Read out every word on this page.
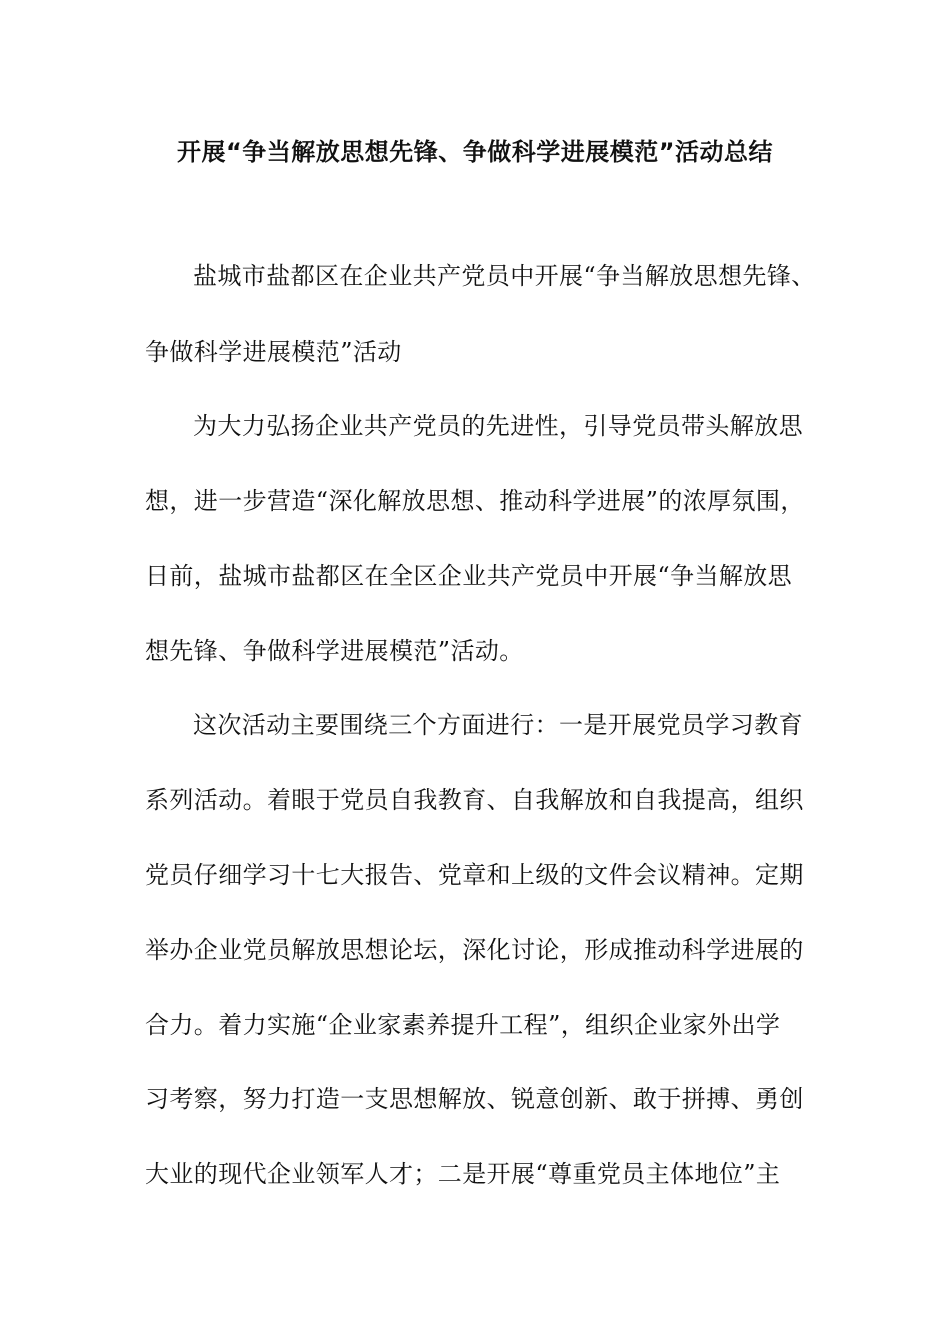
开展“争当解放思想先锋、争做科学进展模范”活动总结
盐城市盐都区在企业共产党员中开展“争当解放思想先锋、
争做科学进展模范”活动
为大力弘扬企业共产党员的先进性，引导党员带头解放思
想，进一步营造“深化解放思想、推动科学进展”的浓厚氛围，
日前，盐城市盐都区在全区企业共产党员中开展“争当解放思
想先锋、争做科学进展模范”活动。
这次活动主要围绕三个方面进行：一是开展党员学习教育
系列活动。着眼于党员自我教育、自我解放和自我提高，组织
党员仔细学习十七大报告、党章和上级的文件会议精神。定期
举办企业党员解放思想论坛，深化讨论，形成推动科学进展的
合力。着力实施“企业家素养提升工程”，组织企业家外出学
习考察，努力打造一支思想解放、锐意创新、敢于拼搏、勇创
大业的现代企业领军人才；二是开展“尊重党员主体地位”主
